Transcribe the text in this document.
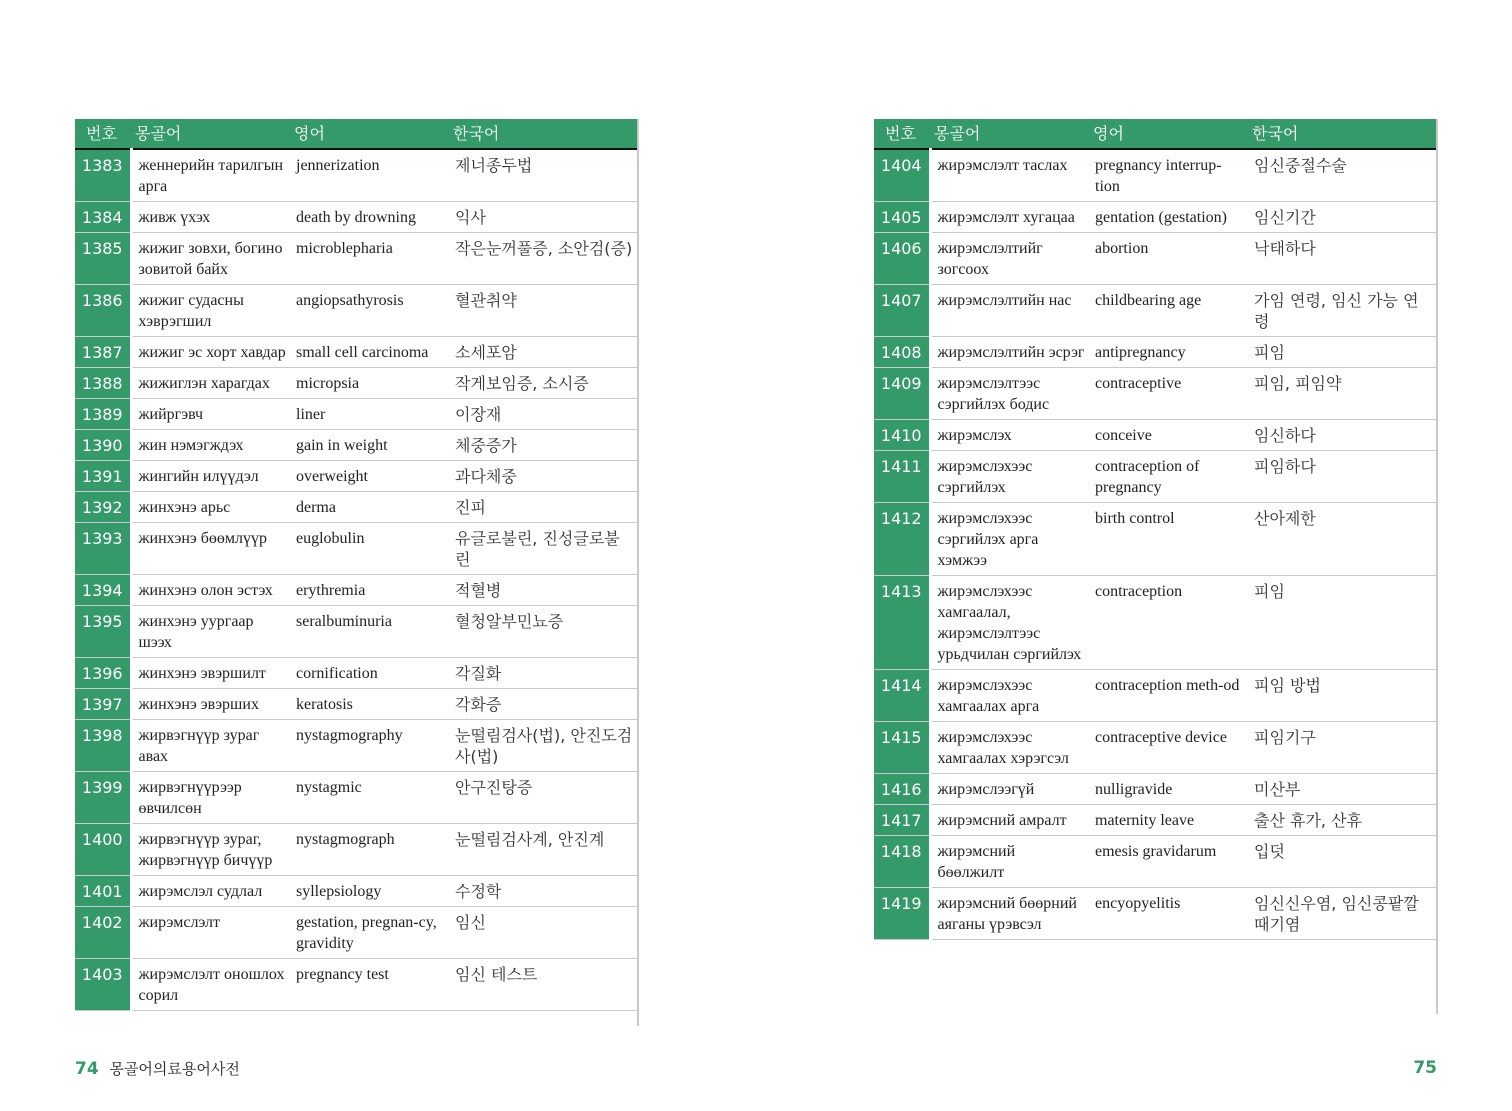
번호	몽골어	영어	한국어
1383	женнерийн тарилгын арга	jennerization	제너종두법
1384	живж үхэх	death by drowning	익사
1385	жижиг зовхи, богино зовитой байх	microblepharia	작은눈꺼풀증, 소안검(증)
1386	жижиг судасны хэврэгшил	angiopsathyrosis	혈관취약
1387	жижиг эс хорт хавдар	small cell carcinoma	소세포암
1388	жижиглэн харагдах	micropsia	작게보임증, 소시증
1389	жийргэвч	liner	이장재
1390	жин нэмэгждэх	gain in weight	체중증가
1391	жингийн илүүдэл	overweight	과다체중
1392	жинхэнэ арьс	derma	진피
1393	жинхэнэ бөөмлүүр	euglobulin	유글로불린, 진성글로불린
1394	жинхэнэ олон эстэх	erythremia	적혈병
1395	жинхэнэ уургаар шээх	seralbuminuria	혈청알부민뇨증
1396	жинхэнэ эвэршилт	cornification	각질화
1397	жинхэнэ эвэрших	keratosis	각화증
1398	жирвэгнүүр зураг авах	nystagmography	눈떨림검사(법), 안진도검사(법)
1399	жирвэгнүүрээр өвчилсөн	nystagmic	안구진탕증
1400	жирвэгнүүр зураг, жирвэгнүүр бичүүр	nystagmograph	눈떨림검사계, 안진계
1401	жирэмслэл судлал	syllepsiology	수정학
1402	жирэмслэлт	gestation, pregnan-cy, gravidity	임신
1403	жирэмслэлт оношлох сорил	pregnancy test	임신 테스트
번호	몽골어	영어	한국어
1404	жирэмслэлт таслах	pregnancy interrup-tion	임신중절수술
1405	жирэмслэлт хугацаа	gentation (gestation)	임신기간
1406	жирэмслэлтийг зогсоох	abortion	낙태하다
1407	жирэмслэлтийн нас	childbearing age	가임 연령, 임신 가능 연령
1408	жирэмслэлтийн эсрэг	antipregnancy	피임
1409	жирэмслэлтээс сэргийлэх бодис	contraceptive	피임, 피임약
1410	жирэмслэх	conceive	임신하다
1411	жирэмслэхээс сэргийлэх	contraception of pregnancy	피임하다
1412	жирэмслэхээс сэргийлэх арга хэмжээ	birth control	산아제한
1413	жирэмслэхээс хамгаалал, жирэмслэлтээс урьдчилан сэргийлэх	contraception	피임
1414	жирэмслэхээс хамгаалах арга	contraception meth-od	피임 방법
1415	жирэмслэхээс хамгаалах хэрэгсэл	contraceptive device	피임기구
1416	жирэмслээгүй	nulligravide	미산부
1417	жирэмсний амралт	maternity leave	출산 휴가, 산휴
1418	жирэмсний бөөлжилт	emesis gravidarum	입덧
1419	жирэмсний бөөрний аяганы үрэвсэл	encyopyelitis	임신신우염, 임신콩팥깔때기염
74 몽골어의료용어사전	75
